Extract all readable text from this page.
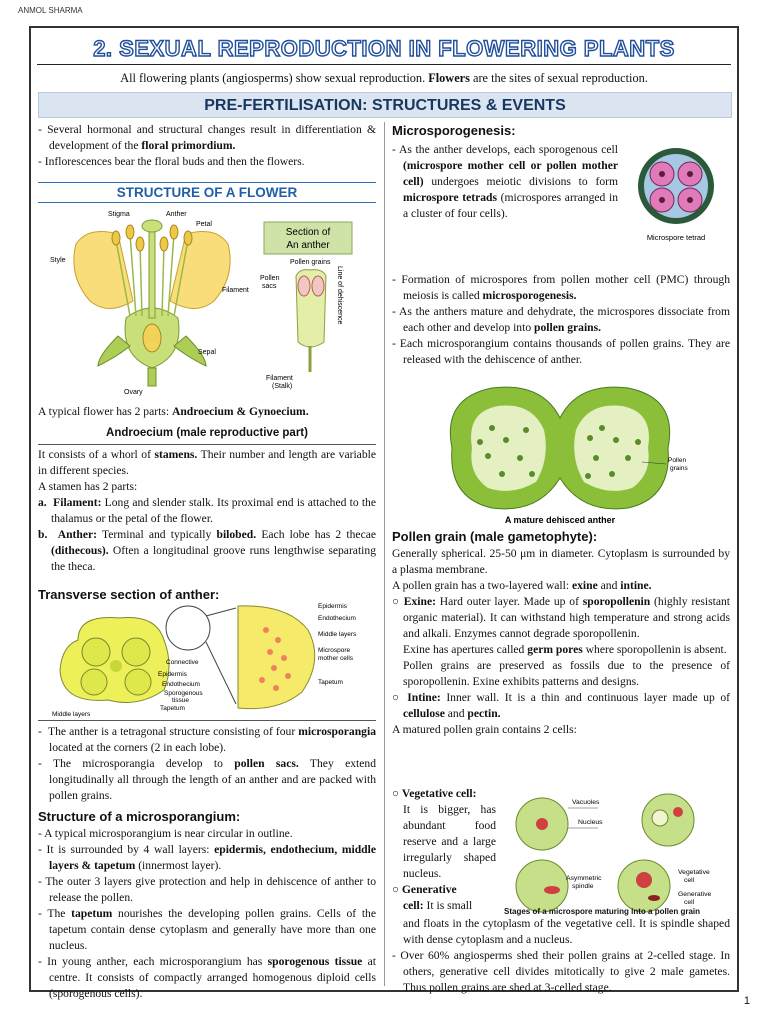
ANMOL SHARMA
2. SEXUAL REPRODUCTION IN FLOWERING PLANTS
All flowering plants (angiosperms) show sexual reproduction. Flowers are the sites of sexual reproduction.
PRE-FERTILISATION: STRUCTURES & EVENTS

- Several hormonal and structural changes result in differentiation & development of the floral primordium.

- Inflorescences bear the floral buds and then the flowers.

STRUCTURE OF A FLOWER
Stigma	Anther
Petal
Style
Filament
Sepal
Ovary
Section of
An anther
Pollen grains
Pollen
sacs	Line of dehiscence
Filament
(Stalk)
A typical flower has 2 parts: Androecium & Gynoecium.
Androecium (male reproductive part)

It consists of a whorl of stamens. Their number and length are variable in different species.

A stamen has 2 parts:

a. Filament: Long and slender stalk. Its proximal end is attached to the thalamus or the petal of the flower.

b. Anther: Terminal and typically bilobed. Each lobe has 2 thecae (dithecous). Often a longitudinal groove runs lengthwise separating the theca.

Transverse section of anther:
Connective
Epidermis
Endothecium
Sporogenous
tissue
Tapetum
Middle layers
Epidermis
Endothecium
Middle layers
Microspore
mother cells
Tapetum

-  The anther is a tetragonal structure consisting of four microsporangia located at the corners (2 in each lobe).

- The microsporangia develop to pollen sacs. They extend longitudinally all through the length of an anther and are packed with pollen grains.

Structure of a microsporangium:

- A typical microsporangium is near circular in outline.

- It is surrounded by 4 wall layers: epidermis, endothecium, middle layers & tapetum (innermost layer).

- The outer 3 layers give protection and help in dehiscence of anther to release the pollen.

- The tapetum nourishes the developing pollen grains. Cells of the tapetum contain dense cytoplasm and generally have more than one nucleus.

- In young anther, each microsporangium has sporogenous tissue at centre. It consists of compactly arranged homogenous diploid cells (sporogenous cells).

Microsporogenesis:

- As the anther develops, each sporogenous cell (microspore mother cell or pollen mother cell) undergoes meiotic divisions to form microspore tetrads (microspores arranged in a cluster of four cells).

Microspore tetrad

- Formation of microspores from pollen mother cell (PMC) through meiosis is called microsporogenesis.

- As the anthers mature and dehydrate, the microspores dissociate from each other and develop into pollen grains.

- Each microsporangium contains thousands of pollen grains. They are released with the dehiscence of anther.

Pollen
grains
A mature dehisced anther
Pollen grain (male gametophyte):

Generally spherical. 25-50 μm in diameter. Cytoplasm is surrounded by a plasma membrane.

A pollen grain has a two-layered wall: exine and intine.

○ Exine: Hard outer layer. Made up of sporopollenin (highly resistant organic material). It can withstand high temperature and strong acids and alkali. Enzymes cannot degrade sporopollenin.

Exine has apertures called germ pores where sporopollenin is absent.

Pollen grains are preserved as fossils due to the presence of sporopollenin. Exine exhibits patterns and designs.

○ Intine: Inner wall. It is a thin and continuous layer made up of cellulose and pectin.

A matured pollen grain contains 2 cells:

○ Vegetative cell:

It is bigger, has abundant food reserve and a large irregularly shaped nucleus.

○ Generative

cell: It is small

Vacuoles
Nucleus
Asymmetric
spindle
Vegetative
cell
Generative
cell
Stages of a microspore maturing into a pollen grain

and floats in the cytoplasm of the vegetative cell. It is spindle shaped with dense cytoplasm and a nucleus.

- Over 60% angiosperms shed their pollen grains at 2-celled stage. In others, generative cell divides mitotically to give 2 male gametes. Thus pollen grains are shed at 3-celled stage.

1
